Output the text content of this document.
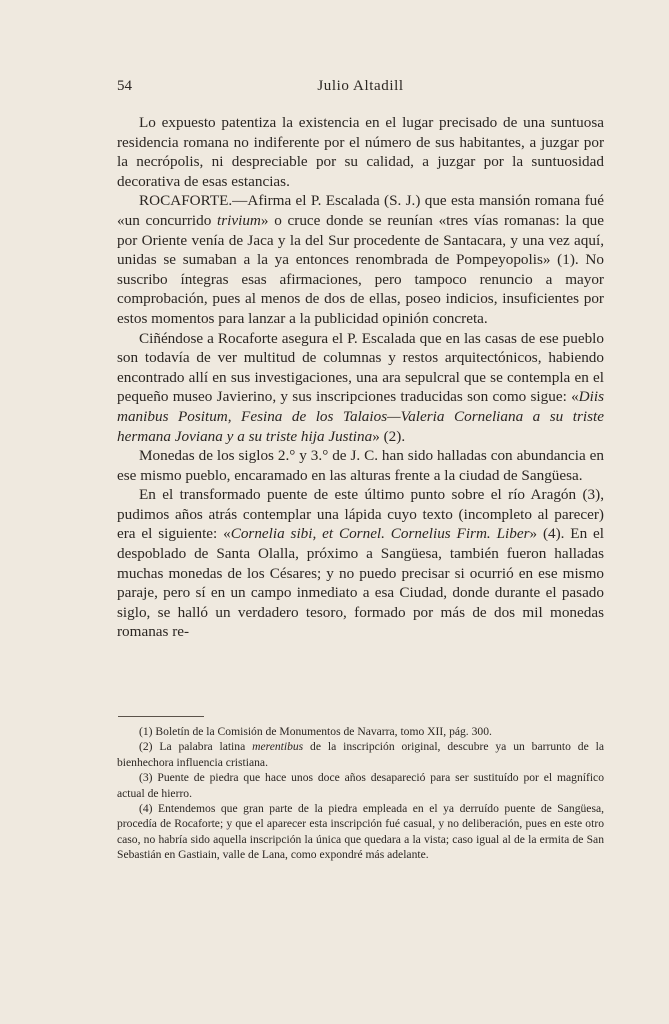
54	Julio Altadill

Lo expuesto patentiza la existencia en el lugar precisado de una suntuosa residencia romana no indiferente por el número de sus habitantes, a juzgar por la necrópolis, ni despreciable por su calidad, a juzgar por la suntuosidad decorativa de esas estancias.

ROCAFORTE.—Afirma el P. Escalada (S. J.) que esta mansión romana fué «un concurrido trivium» o cruce donde se reunían «tres vías romanas: la que por Oriente venía de Jaca y la del Sur procedente de Santacara, y una vez aquí, unidas se sumaban a la ya entonces renombrada de Pompeyopolis» (1). No suscribo íntegras esas afirmaciones, pero tampoco renuncio a mayor comprobación, pues al menos de dos de ellas, poseo indicios, insuficientes por estos momentos para lanzar a la publicidad opinión concreta.

Ciñéndose a Rocaforte asegura el P. Escalada que en las casas de ese pueblo son todavía de ver multitud de columnas y restos arquitectónicos, habiendo encontrado allí en sus investigaciones, una ara sepulcral que se contempla en el pequeño museo Javierino, y sus inscripciones traducidas son como sigue: «Diis manibus Positum, Fesina de los Talaios—Valeria Corneliana a su triste hermana Joviana y a su triste hija Justina» (2).

Monedas de los siglos 2.° y 3.° de J. C. han sido halladas con abundancia en ese mismo pueblo, encaramado en las alturas frente a la ciudad de Sangüesa.

En el transformado puente de este último punto sobre el río Aragón (3), pudimos años atrás contemplar una lápida cuyo texto (incompleto al parecer) era el siguiente: «Cornelia sibi, et Cornel. Cornelius Firm. Liber» (4). En el despoblado de Santa Olalla, próximo a Sangüesa, también fueron halladas muchas monedas de los Césares; y no puedo precisar si ocurrió en ese mismo paraje, pero sí en un campo inmediato a esa Ciudad, donde durante el pasado siglo, se halló un verdadero tesoro, formado por más de dos mil monedas romanas re-

(1) Boletín de la Comisión de Monumentos de Navarra, tomo XII, pág. 300.

(2) La palabra latina merentibus de la inscripción original, descubre ya un barrunto de la bienhechora influencia cristiana.

(3) Puente de piedra que hace unos doce años desapareció para ser sustituído por el magnífico actual de hierro.

(4) Entendemos que gran parte de la piedra empleada en el ya derruído puente de Sangüesa, procedía de Rocaforte; y que el aparecer esta inscripción fué casual, y no deliberación, pues en este otro caso, no habría sido aquella inscripción la única que quedara a la vista; caso igual al de la ermita de San Sebastián en Gastiain, valle de Lana, como expondré más adelante.
